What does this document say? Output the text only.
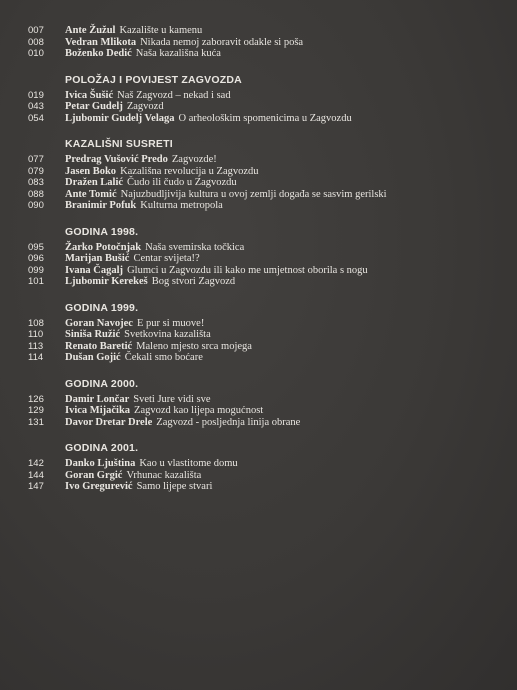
007	Ante Žužul Kazalište u kamenu
008	Vedran Mlikota Nikada nemoj zaboravit odakle si poša
010	Boženko Dedić Naša kazališna kuća
POLOŽAJ I POVIJEST ZAGVOZDA
019	Ivica Šušić Naš Zagvozd – nekad i sad
043	Petar Gudelj Zagvozd
054	Ljubomir Gudelj Velaga O arheološkim spomenicima u Zagvozdu
KAZALIŠNI SUSRETI
077	Predrag Vušović Predo Zagvozde!
079	Jasen Boko Kazališna revolucija u Zagvozdu
083	Dražen Lalić Čudo ili čudo u Zagvozdu
088	Ante Tomić Najuzbudljivija kultura u ovoj zemlji događa se sasvim gerilski
090	Branimir Pofuk Kulturna metropola
GODINA 1998.
095	Žarko Potočnjak Naša svemirska točkica
096	Marijan Bušić Centar svijeta!?
099	Ivana Čagalj Glumci u Zagvozdu ili kako me umjetnost oborila s nogu
101	Ljubomir Kerekeš Bog stvori Zagvozd
GODINA 1999.
108	Goran Navojec E pur si muove!
110	Siniša Ružić Svetkovina kazališta
113	Renato Baretić Maleno mjesto srca mojega
114	Dušan Gojić Čekali smo boćare
GODINA 2000.
126	Damir Lončar Sveti Jure vidi sve
129	Ivica Mijačika Zagvozd kao lijepa mogućnost
131	Davor Dretar Drele Zagvozd - posljednja linija obrane
GODINA 2001.
142	Danko Ljuština Kao u vlastitome domu
144	Goran Grgić Vrhunac kazališta
147	Ivo Gregurević Samo lijepe stvari
